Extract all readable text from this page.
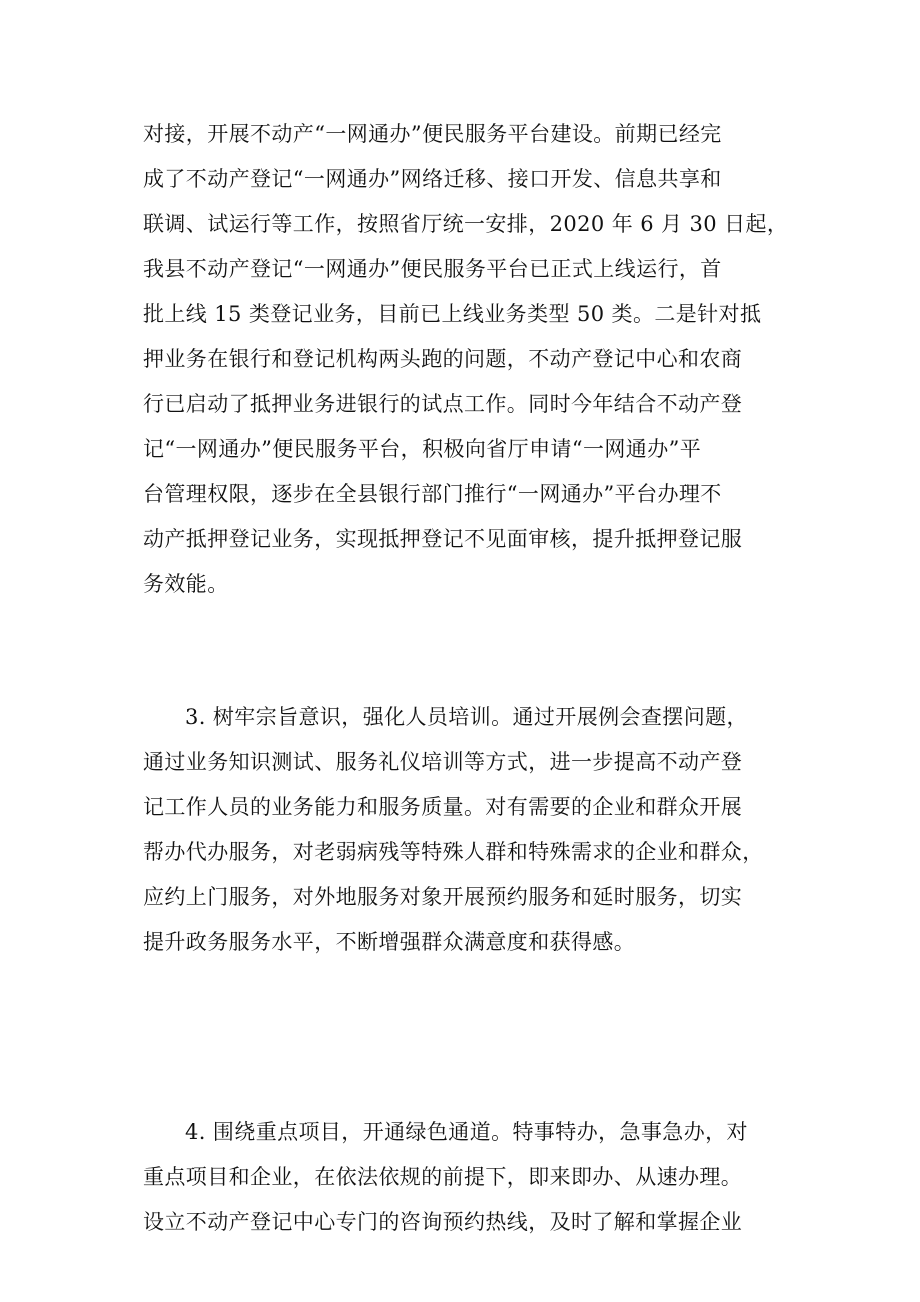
对接，开展不动产“一网通办”便民服务平台建设。前期已经完
成了不动产登记“一网通办”网络迁移、接口开发、信息共享和
联调、试运行等工作，按照省厅统一安排，2020 年 6 月 30 日起，
我县不动产登记“一网通办”便民服务平台已正式上线运行，首
批上线 15 类登记业务，目前已上线业务类型 50 类。二是针对抵
押业务在银行和登记机构两头跑的问题，不动产登记中心和农商
行已启动了抵押业务进银行的试点工作。同时今年结合不动产登
记“一网通办”便民服务平台，积极向省厅申请“一网通办”平
台管理权限，逐步在全县银行部门推行“一网通办”平台办理不
动产抵押登记业务，实现抵押登记不见面审核，提升抵押登记服
务效能。
3. 树牢宗旨意识，强化人员培训。通过开展例会查摆问题，
通过业务知识测试、服务礼仪培训等方式，进一步提高不动产登
记工作人员的业务能力和服务质量。对有需要的企业和群众开展
帮办代办服务，对老弱病残等特殊人群和特殊需求的企业和群众，
应约上门服务，对外地服务对象开展预约服务和延时服务，切实
提升政务服务水平，不断增强群众满意度和获得感。
4. 围绕重点项目，开通绿色通道。特事特办，急事急办，对
重点项目和企业，在依法依规的前提下，即来即办、从速办理。
设立不动产登记中心专门的咨询预约热线，及时了解和掌握企业
